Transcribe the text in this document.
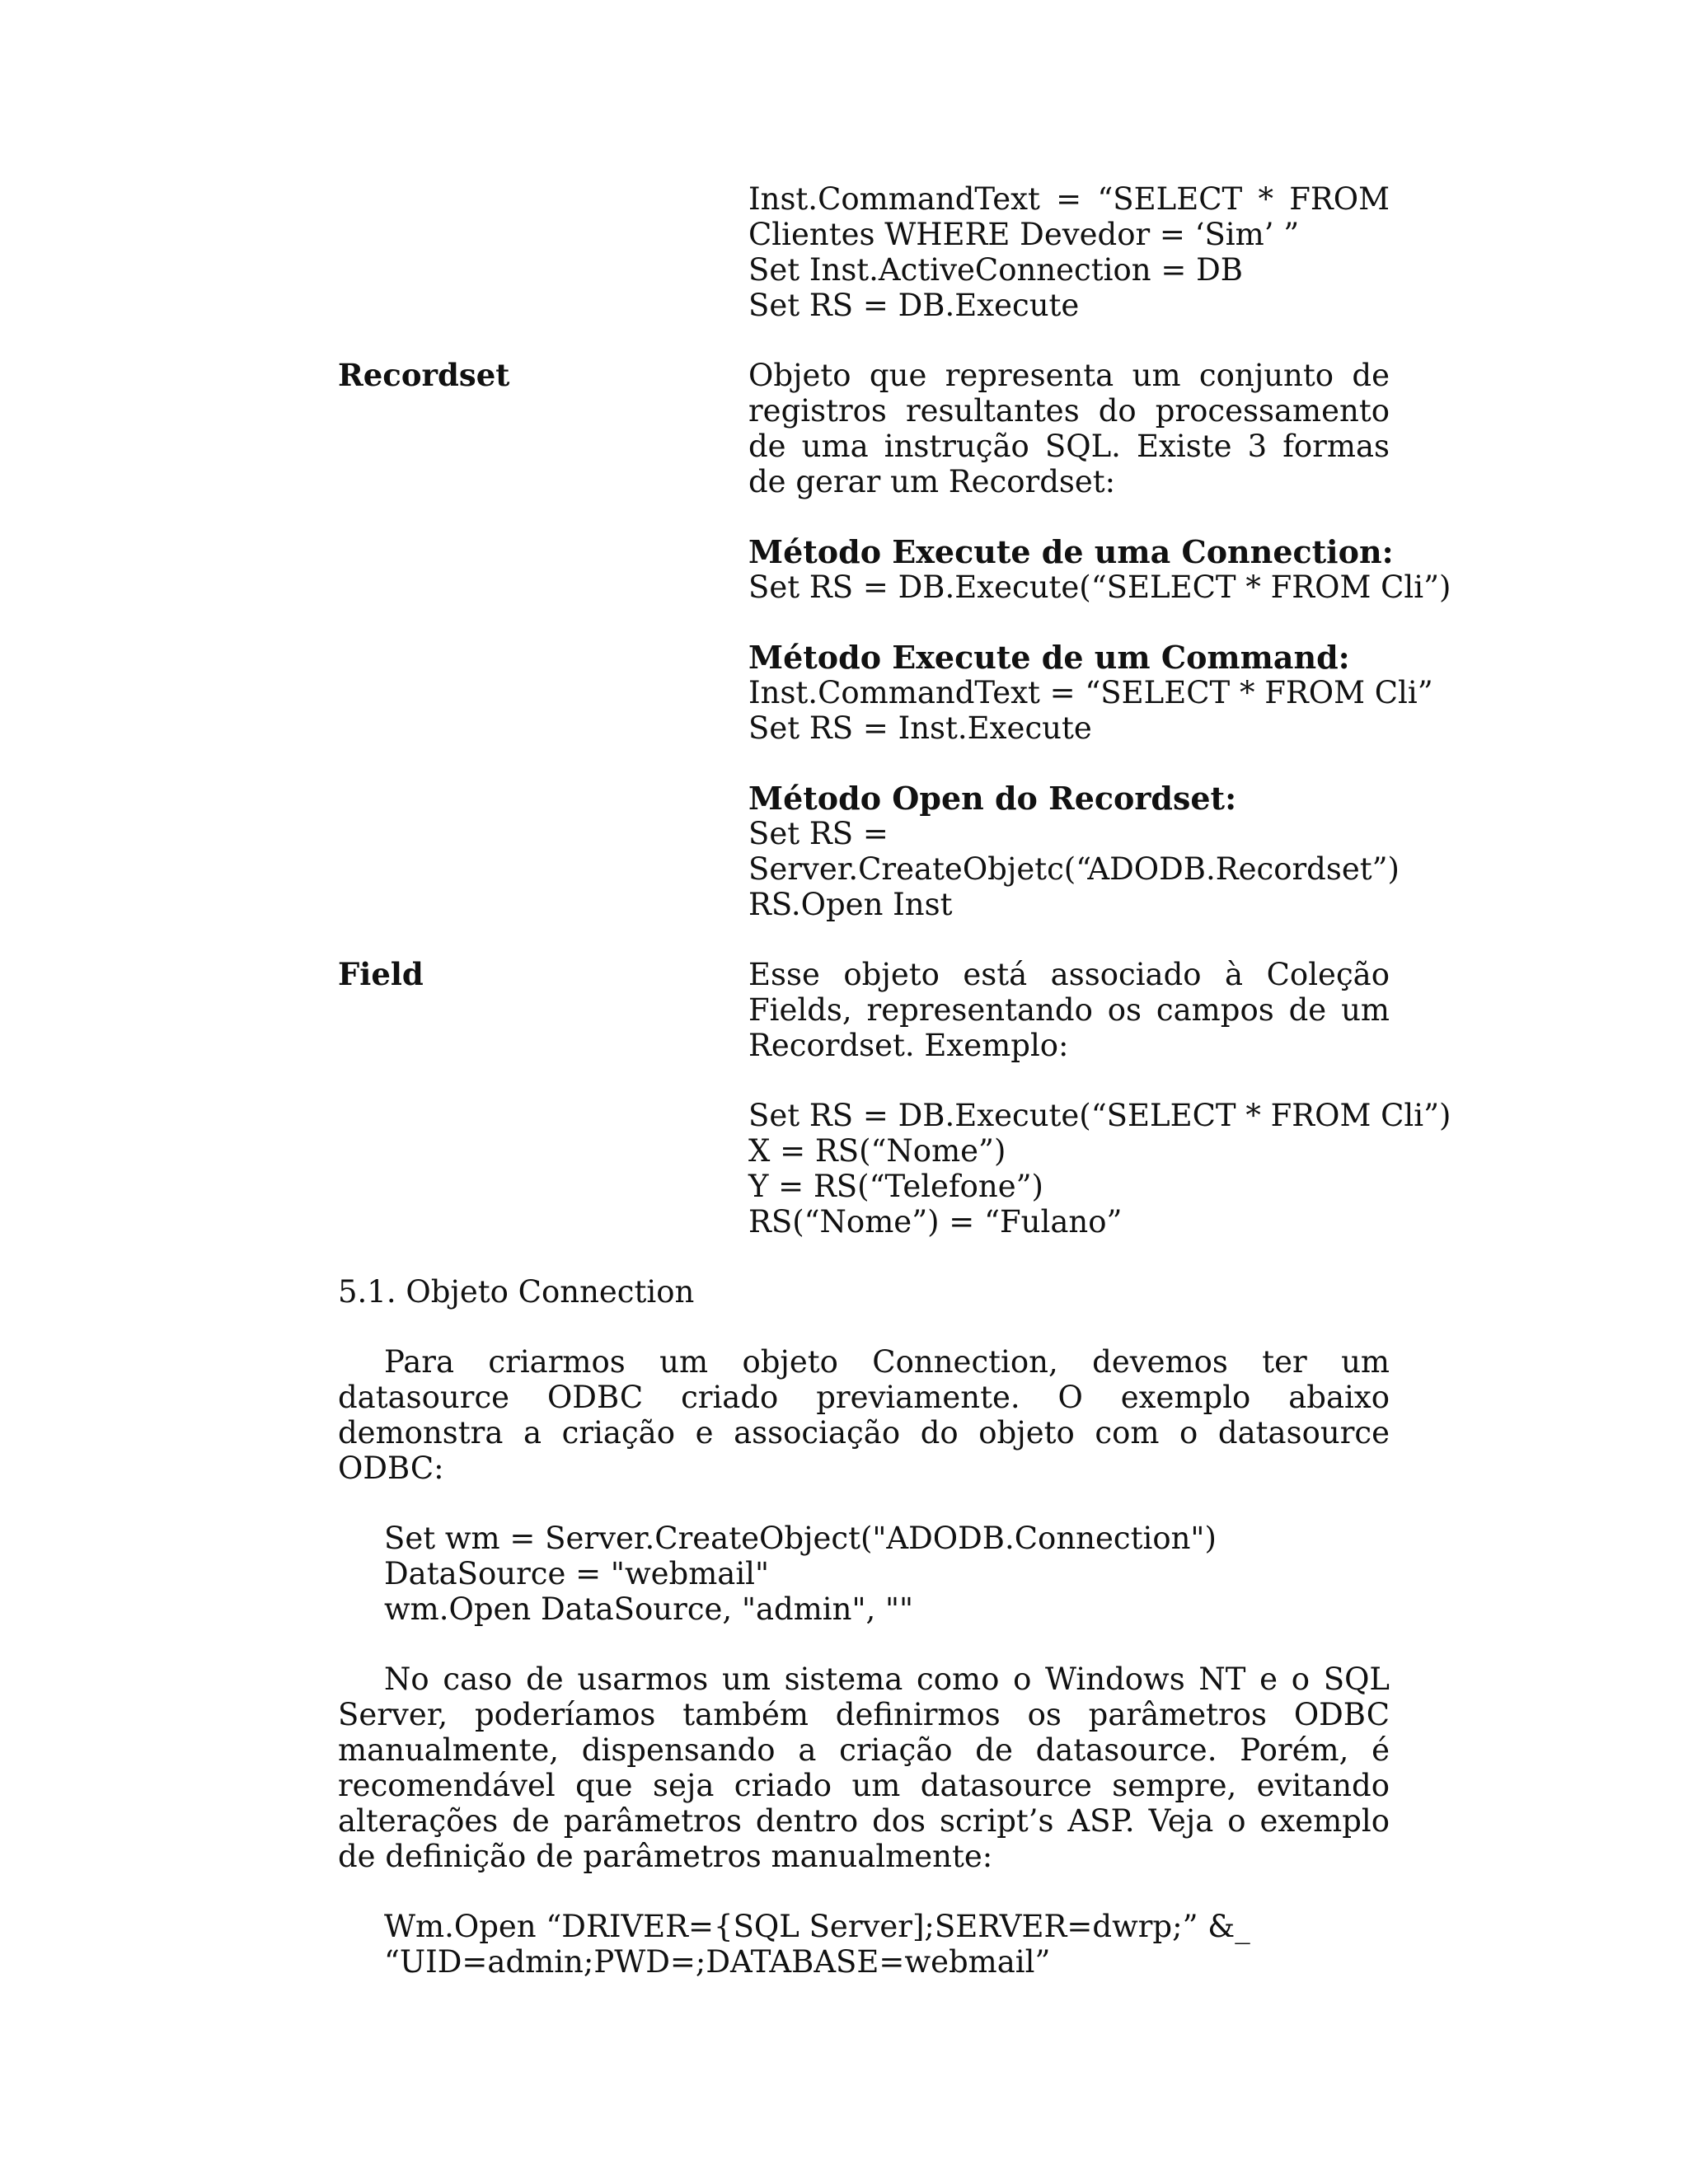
Inst.CommandText = “SELECT * FROM
Clientes WHERE Devedor = ‘Sim’ ”
Set Inst.ActiveConnection = DB
Set RS = DB.Execute
Recordset	Objeto que representa um conjunto de registros resultantes do processamento de uma instrução SQL. Existe 3 formas de gerar um Recordset:
Método Execute de uma Connection:
Set RS = DB.Execute(“SELECT * FROM Cli”)
Método Execute de um Command:
Inst.CommandText = “SELECT * FROM Cli”
Set RS = Inst.Execute
Método Open do Recordset:
Set RS =
Server.CreateObjetc(“ADODB.Recordset”)
RS.Open Inst
Field	Esse objeto está associado à Coleção Fields, representando os campos de um Recordset. Exemplo:
Set RS = DB.Execute(“SELECT * FROM Cli”)
X = RS(“Nome”)
Y = RS(“Telefone”)
RS(“Nome”) = “Fulano”
5.1. Objeto Connection
Para criarmos um objeto Connection, devemos ter um datasource ODBC criado previamente. O exemplo abaixo demonstra a criação e associação do objeto com o datasource ODBC:
Set wm = Server.CreateObject("ADODB.Connection")
DataSource = "webmail"
wm.Open DataSource, "admin", ""
No caso de usarmos um sistema como o Windows NT e o SQL Server, poderíamos também definirmos os parâmetros ODBC manualmente, dispensando a criação de datasource. Porém, é recomendável que seja criado um datasource sempre, evitando alterações de parâmetros dentro dos script’s ASP. Veja o exemplo de definição de parâmetros manualmente:
Wm.Open “DRIVER={SQL Server];SERVER=dwrp;” &_
“UID=admin;PWD=;DATABASE=webmail”
